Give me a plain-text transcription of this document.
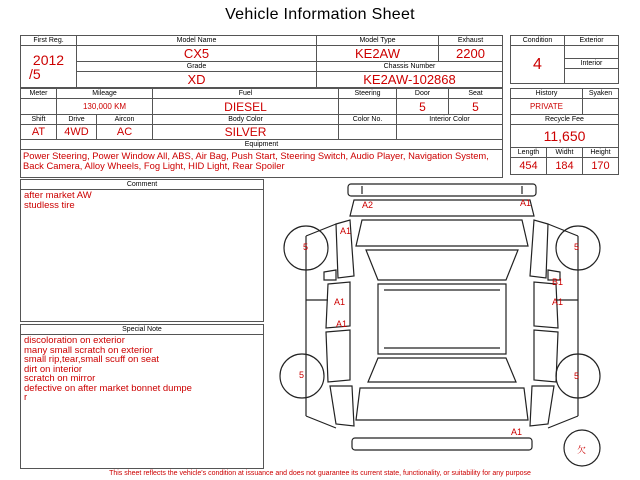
Vehicle Information Sheet
First Reg.	Model Name	Model Type	Exhaust

2012
/5	CX5	KE2AW	2200
	Grade	Chassis Number	
	XD	KE2AW-102868	
Meter	Mileage		Fuel	Steering	Door	Seat
	130,000 KM		DIESEL		5	5
Shift	Drive	Aircon	Body Color	Color No.	Interior Color	
AT	4WD	AC	SILVER			
Equipment						
Power Steering, Power Window All, ABS, Air Bag, Push Start, Steering Switch, Audio Player, Navigation System, Back Camera, Alloy Wheels, Fog Light, HID Light, Rear Spoiler						
Condition	Exterior
4	
	Interior

History		Syaken
PRIVATE		
Recycle Fee		
11,650		
Length	Widht	Height
454	184	170
Comment
after market AW
studless tire
Special Note
discoloration on exterior
many small scratch on exterior
small rip,tear,small scuff on seat
dirt on interior
scratch on mirror
defective on after market bonnet dumpe
r
A2	A1
A1
A1	A1
B1
A1
A1
5	5
5	5
欠
This sheet reflects the vehicle's condition at issuance and does not guarantee its current state, functionality, or suitability for any purpose
